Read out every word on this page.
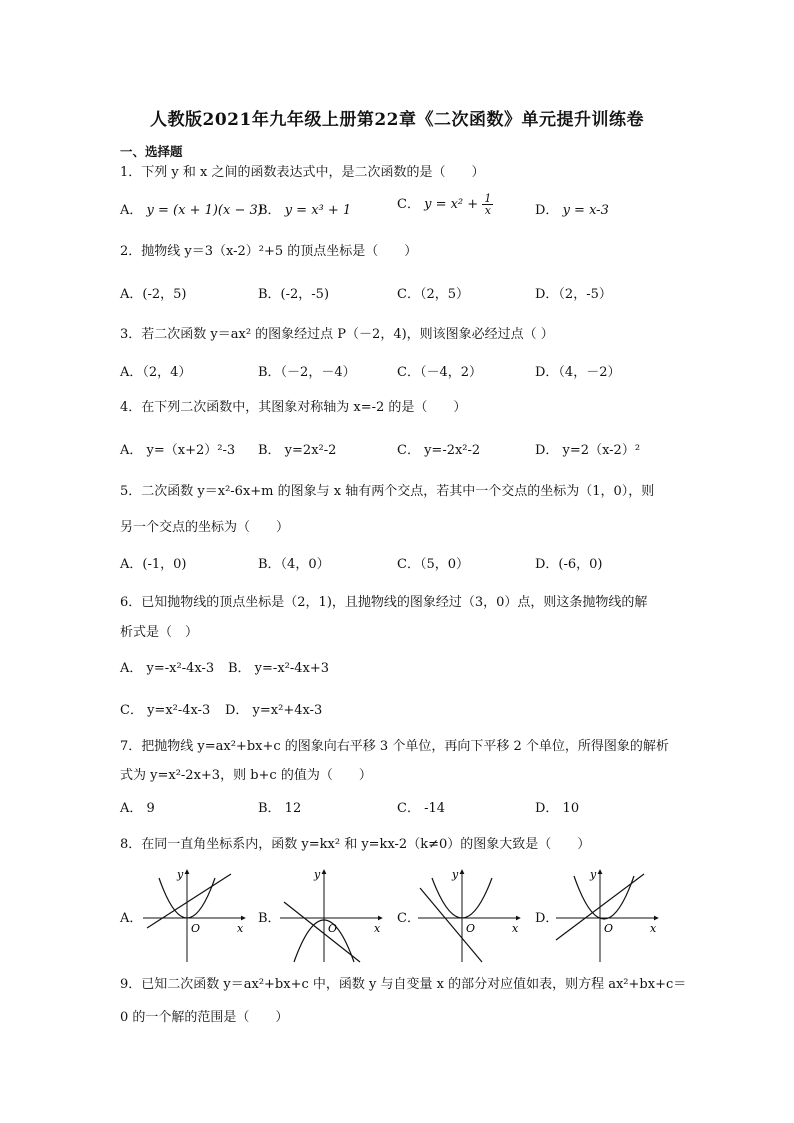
人教版2021年九年级上册第22章《二次函数》单元提升训练卷
一、选择题
1．下列 y 和 x 之间的函数表达式中，是二次函数的是（　　）
A． y = (x + 1)(x − 3)
B． y = x³ + 1	C． $y = x^2 + \frac{1}{x}$	D． y = x-3
2．抛物线 y＝3（x-2）²+5 的顶点坐标是（　　）
A．(-2，5)	B．(-2，-5)	C．（2，5）	D．（2，-5）
3．若二次函数 y＝ax² 的图象经过点 P（－2，4)，则该图象必经过点（ ）
A．（2，4）	B．（－2，－4）	C．（－4，2）	D．（4，－2）
4．在下列二次函数中，其图象对称轴为 x=-2 的是（　　）
A． y=（x+2）²-3 B． y=2x²-2	C． y=-2x²-2	D． y=2（x-2）²
5．二次函数 y＝x²-6x+m 的图象与 x 轴有两个交点，若其中一个交点的坐标为（1，0），则
另一个交点的坐标为（　　）
A．(-1，0)	B．（4，0）	C．（5，0）	D．(-6，0)
6．已知抛物线的顶点坐标是（2，1)，且抛物线的图象经过（3，0）点，则这条抛物线的解
析式是（　）
A． y=-x²-4x-3 B． y=-x²-4x+3
C． y=x²-4x-3 D． y=x²+4x-3
7．把抛物线 y=ax²+bx+c 的图象向右平移 3 个单位，再向下平移 2 个单位，所得图象的解析
式为 y=x²-2x+3，则 b+c 的值为（　　）
A． 9	B． 12	C． -14	D． 10
8．在同一直角坐标系内，函数 y=kx² 和 y=kx-2（k≠0）的图象大致是（　　）
A．
y
x
O
B．
y
x
O
C．
y
x
O
D．
y
x
O
9．已知二次函数 y＝ax²+bx+c 中，函数 y 与自变量 x 的部分对应值如表，则方程 ax²+bx+c＝
0 的一个解的范围是（　　）
